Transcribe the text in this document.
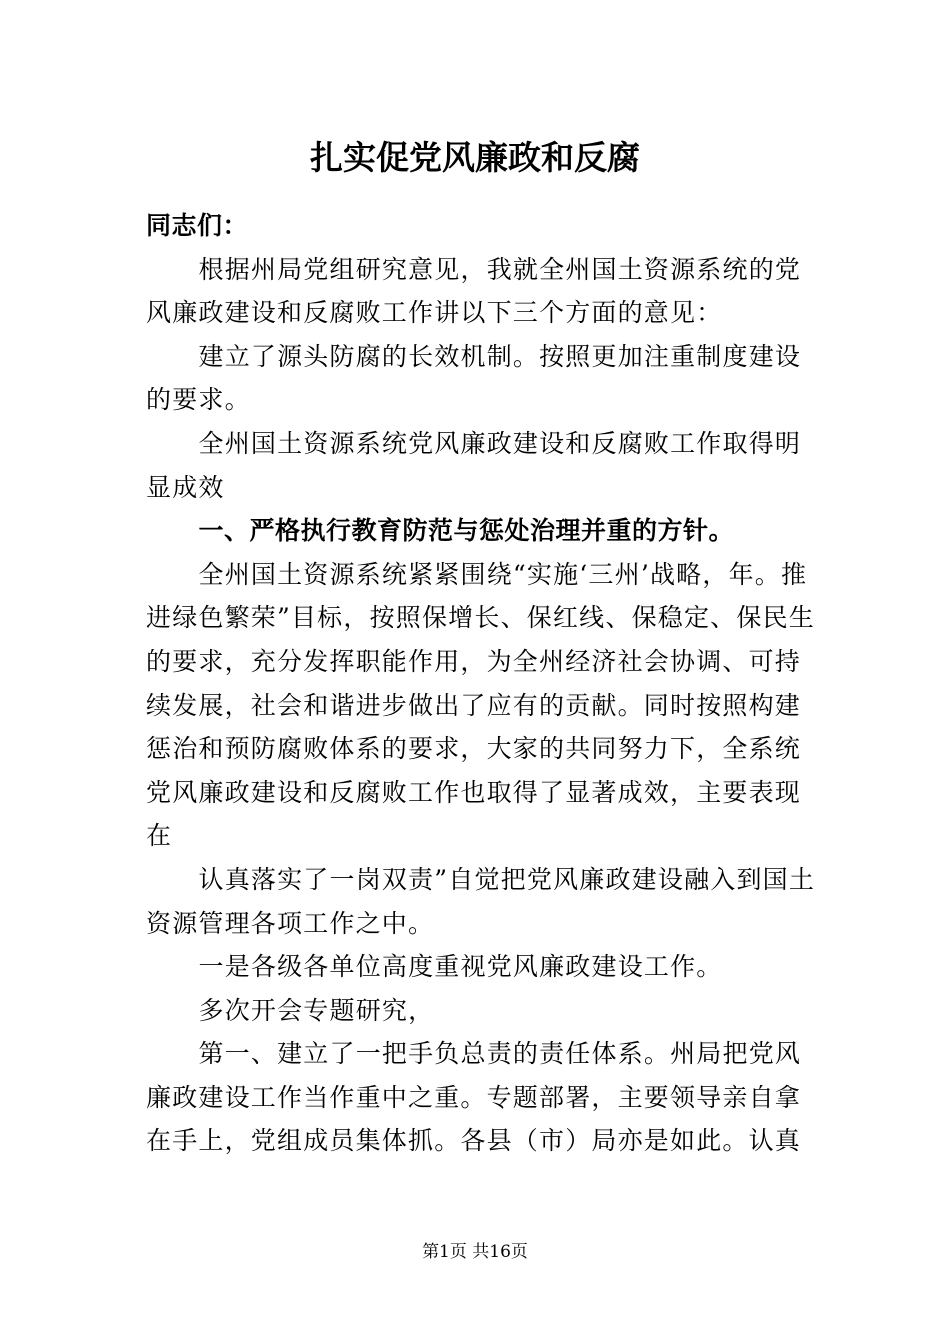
扎实促党风廉政和反腐

同志们：

根据州局党组研究意见，我就全州国土资源系统的党风廉政建设和反腐败工作讲以下三个方面的意见：

建立了源头防腐的长效机制。按照更加注重制度建设的要求。

全州国土资源系统党风廉政建设和反腐败工作取得明显成效

一、严格执行教育防范与惩处治理并重的方针。

全州国土资源系统紧紧围绕“实施‘三州’战略，年。推进绿色繁荣”目标，按照保增长、保红线、保稳定、保民生的要求，充分发挥职能作用，为全州经济社会协调、可持续发展，社会和谐进步做出了应有的贡献。同时按照构建惩治和预防腐败体系的要求，大家的共同努力下，全系统党风廉政建设和反腐败工作也取得了显著成效，主要表现在

认真落实了一岗双责”自觉把党风廉政建设融入到国土资源管理各项工作之中。

一是各级各单位高度重视党风廉政建设工作。

多次开会专题研究，

第一、建立了一把手负总责的责任体系。州局把党风廉政建设工作当作重中之重。专题部署，主要领导亲自拿在手上，党组成员集体抓。各县（市）局亦是如此。认真

第1页 共16页
